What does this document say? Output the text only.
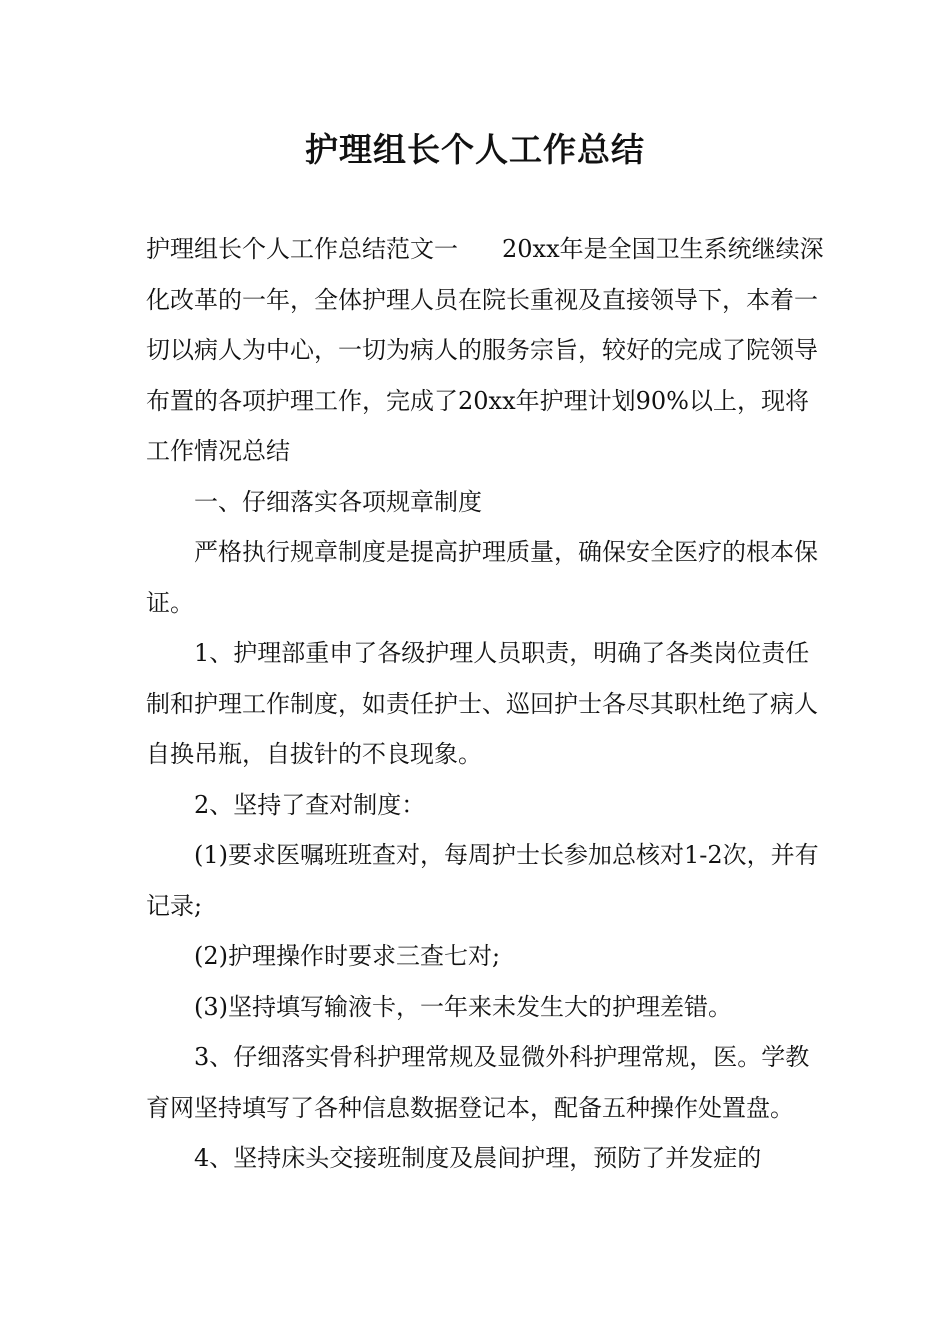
护理组长个人工作总结

护理组长个人工作总结范文一 20xx年是全国卫生系统继续深化改革的一年，全体护理人员在院长重视及直接领导下，本着一切以病人为中心，一切为病人的服务宗旨，较好的完成了院领导布置的各项护理工作，完成了20xx年护理计划90%以上，现将工作情况总结

一、仔细落实各项规章制度

严格执行规章制度是提高护理质量，确保安全医疗的根本保证。

1、护理部重申了各级护理人员职责，明确了各类岗位责任制和护理工作制度，如责任护士、巡回护士各尽其职杜绝了病人自换吊瓶，自拔针的不良现象。

2、坚持了查对制度：

(1)要求医嘱班班查对，每周护士长参加总核对1-2次，并有记录;

(2)护理操作时要求三查七对;

(3)坚持填写输液卡，一年来未发生大的护理差错。

3、仔细落实骨科护理常规及显微外科护理常规，医。学教育网坚持填写了各种信息数据登记本，配备五种操作处置盘。

4、坚持床头交接班制度及晨间护理，预防了并发症的
